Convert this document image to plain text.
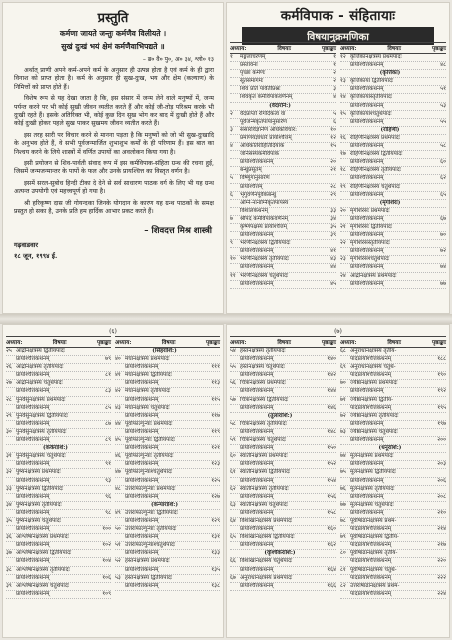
प्रस्तुति
कर्मणा जायते जन्तुः कर्मणैव विलीयते ।
सुखं दुःखं भयं क्षेमं कर्मणैवाभिपद्यते ॥
– ब्र० वै० पु०, अ० ३४, श्लो० १३

अर्थात् प्राणी अपने कर्म-अपने कर्म के अनुसार ही उत्पन्न होता है एवं कर्म के ही द्वारा विनाश को प्राप्त होता है। कर्म के अनुसार ही सुख-दुःख, भय और क्षेम (कल्याण) के निमित्तों को प्राप्त होते हैं।

विशेष रूप से यह देखा जाता है कि, इस संसार में जन्म लेने वाले मनुष्यों में, जन्म पर्यन्त करने पर भी कोई सुखी जीवन व्यतीत करते हैं और कोई जी-तोड़ परिश्रम करके भी दुःखी रहते हैं। इसके अतिरिक्त भी, कोई कुछ दिन सुख भोग कर बाद में दुःखी होते हैं और कोई दुःखी होकर पहले सुख पाकर सुखमय जीवन व्यतीत करते हैं।

इस तरह सारी पर विचार करने से मानना पड़ता है कि मनुष्यों को जो भी सुख-दुःखादि के अनुभव होते हैं, वे सभी पूर्वजन्मार्जित शुभाशुभ कर्मों के ही परिणाम हैं। इस बात का निश्चय करने के लिये शास्त्रों में वर्णित उपायों का अवलोकन किया गया है।

इसी प्रयोजन से शिव-पार्वती संवाद रूप में इस कर्मविपाक-संहिता ग्रन्थ की रचना हुई, जिसमें जन्मजन्मान्तर के पापों के फल और उनके प्रायश्चित्त का विस्तृत वर्णन है।

इसमें सरल-सुबोध हिन्दी टीका दे देने से सर्व साधारण पाठक वर्ग के लिए भी यह ग्रन्थ अत्यन्त उपयोगी एवं महत्त्वपूर्ण हो गया है।

श्री हरिकृष्ण दास जी गोयन्दका जिनके योगदान के कारण यह ग्रन्थ पाठकों के समक्ष प्रस्तुत हो सका है, उनके प्रति हम हार्दिक आभार प्रकट करते हैं।

– शिवदत्त मिश्र शास्त्री
गढ़वाडवार
१८ जून, १९९४ ई.
कर्मविपाक - संहितायाः
विषयानुक्रमणिका
अध्याय:	विषयाः	पृष्ठाङ्काः
१	मङ्गलाचरणम्	१
प्रस्तावना	१
पृच्छा कर्मणः	२
सूतसमागमः	२
शिवं प्रति पार्वतीप्रश्नः	३
शिवकृतं कर्मविपाकवर्णनम्	४
(वेदारनि:)
२	वेदप्राप्तो रोगदिकत्वं वा	५
पूर्वजन्मकृतपापानुसारेण	६
३	संसारविज्ञानेण अधिकविचार:	१०
प्रमाणयज्ञाधारे प्रायश्चित्तम्	१२
४	अधिकतिरोहितिदियाक	१५
जनिसस्यकर्मविपाक
प्रायश्चित्तकथनम्	२०
बन्धुप्रसूतम्	२१
५	विष्णुगानुसारेण
प्रायश्चित्तम्	२८
६	भृगुवर्णनपूर्वकंबन्धु	२९
अग्नि-नानाग्निकृतपापस्य
विशालकथनम्	३३
७	श्रीपदं कर्मविपाकवर्णनम्	३४
कृष्णपक्षस्य प्रायश्चित्तम्	३५
प्रायश्चित्तकथनम्	३९
९	भरणीनक्षत्रस्य द्वितीयपादः
प्रायश्चित्तकथनम्	४१
१० भरणीनक्षत्रस्य तृतीयपादः	४३
प्रायश्चित्तकथनम्	४४
११ भरणीनक्षत्रस्य चतुर्थपादः
प्रायश्चित्तकथनम्	४५
अध्याय:	विषयाः	पृष्ठाङ्काः
१२ कृत्तिकानक्षत्रस्य प्रथमपादः
प्रायश्चित्तकथनम्	४८
(कृत्तिका)
१३ कृत्तिकाया द्वितीयपादः
प्रायश्चित्तकथनम्	५१
१४ कृत्तिकायास्तृतीयपादः
प्रायश्चित्तकथनम्	५३
१५ कृत्तिकायाश्चतुर्थपादः
प्रायश्चित्तकथनम्	५५
(रोहिणी)
१६ रोहिणीनक्षत्रस्य प्रथमपादः
प्रायश्चित्तकथनम्	५८
१७ रोहिणीनक्षत्रस्य द्वितीयपादः
प्रायश्चित्तकथनम्	६०
१८ रोहिणीनक्षत्रस्य तृतीयपादः
प्रायश्चित्तकथनम्	६२
१९ रोहिणीनक्षत्रस्य चतुर्थपादः
प्रायश्चित्तकथनम्	६५
(मृगशिरा)
२० मृगशिरसः प्रथमपादः
प्रायश्चित्तकथनम्	६७
२१ मृगशिरसः द्वितीयपादः
प्रायश्चित्तकथनम्	७०
२२ मृगशिरसस्तृतीयपादः
प्रायश्चित्तकथनम्	७२
२३ मृगशिरसश्चतुर्थपादः
प्रायश्चित्तकथनम्	७४
२४ आर्द्रानक्षत्रस्य प्रथमपादः
प्रायश्चित्तकथनम्	७७
(६)
अध्याय:	विषयाः	पृष्ठाङ्काः
२५ आर्द्रानक्षत्रस्य द्वितीयपादः
प्रायश्चित्तकथनम्	७९
२६ आर्द्रानक्षत्रस्य तृतीयपादः
प्रायश्चित्तकथनम्	८१
२७ आर्द्रानक्षत्रस्य चतुर्थपादः
प्रायश्चित्तकथनम्	८३
२८ पुनर्वसुनक्षत्रस्य प्रथमपादः
प्रायश्चित्तकथनम्	८५
२९ पुनर्वसुनक्षत्रस्य द्वितीयपादः
प्रायश्चित्तकथनम्	८७
३० पुनर्वसुनक्षत्रस्य तृतीयपादः
प्रायश्चित्तकथनम्	८९
(कर्कराशि:)
३१ पुनर्वसुनक्षत्रस्य चतुर्थपादः
प्रायश्चित्तकथनम्	९१
३२ पुष्यनक्षत्रस्य प्रथमपादः
प्रायश्चित्तकथनम्	९३
३३ पुष्यनक्षत्रस्य द्वितीयपादः
प्रायश्चित्तकथनम्	९६
३४ पुष्यनक्षत्रस्य तृतीयपादः
प्रायश्चित्तकथनम्	९८
३५ पुष्यनक्षत्रस्य चतुर्थपादः
प्रायश्चित्तकथनम्	१००
३६ आश्लेषानक्षत्रस्य प्रथमपादः
प्रायश्चित्तकथनम्	१०२
३७ आश्लेषानक्षत्रस्य द्वितीयपादः
प्रायश्चित्तकथनम्	१०४
३८ आश्लेषानक्षत्रस्य तृतीयपादः
प्रायश्चित्तकथनम्	१०६
३९ आश्लेषानक्षत्रस्य चतुर्थपादः
प्रायश्चित्तकथनम्	१०९
अध्याय:	विषयाः	पृष्ठाङ्काः
(सिंहराशि:)
४० मघानक्षत्रस्य प्रथमपादः
प्रायश्चित्तकथनम्	१११
४१ मघानक्षत्रस्य द्वितीयपादः
प्रायश्चित्तकथनम्	११३
४२ मघानक्षत्रस्य तृतीयपादः
प्रायश्चित्तकथनम्	११५
४३ मघानक्षत्रस्य चतुर्थपादः
प्रायश्चित्तकथनम्	११७
४४ पूर्वाफाल्गुन्याः प्रथमपादः
प्रायश्चित्तकथनम्	११९
४५ पूर्वाफाल्गुन्याः द्वितीयपादः
प्रायश्चित्तकथनम्	१२१
४६ पूर्वाफाल्गुन्याः तृतीयपादः
प्रायश्चित्तकथनम्	१२३
४७ पूर्वाफाल्गुन्याश्चतुर्थपादः
प्रायश्चित्तकथनम्	१२५
४८ उत्तराफाल्गुन्याः प्रथमपादः
प्रायश्चित्तकथनम्	१२७
(कन्याराशि:)
४९ उत्तराफाल्गुन्याः द्वितीयपादः
प्रायश्चित्तकथनम्	१२९
५० उत्तराफाल्गुन्याः तृतीयपादः
प्रायश्चित्तकथनम्	१३१
५१ उत्तराफाल्गुन्याश्चतुर्थपादः
प्रायश्चित्तकथनम्	१३३
५२ हस्तनक्षत्रस्य प्रथमपादः
प्रायश्चित्तकथनम्	१३५
५३ हस्तनक्षत्रस्य द्वितीयपादः
प्रायश्चित्तकथनम्	१३८
(७)
अध्याय:	विषयाः	पृष्ठाङ्काः
५४ हस्तनक्षत्रस्य तृतीयपादः
प्रायश्चित्तकथनम्	१४०
५५ हस्तनक्षत्रस्य चतुर्थपादः
प्रायश्चित्तकथनम्	१४२
५६ चित्रानक्षत्रस्य प्रथमपादः
प्रायश्चित्तकथनम्	१४४
५७ चित्रानक्षत्रस्य द्वितीयपादः
प्रायश्चित्तकथनम्	१४६
(तुलाराशि:)
५८ चित्रानक्षत्रस्य तृतीयपादः
प्रायश्चित्तकथनम्	१४८
५९ चित्रानक्षत्रस्य चतुर्थपादः
प्रायश्चित्तकथनम्	१५०
६० स्वातीनक्षत्रस्य प्रथमपादः
प्रायश्चित्तकथनम्	१५२
६१ स्वातीनक्षत्रस्य द्वितीयपादः
प्रायश्चित्तकथनम्	१५४
६२ स्वातीनक्षत्रस्य तृतीयपादः
प्रायश्चित्तकथनम्	१५६
६३ स्वातीनक्षत्रस्य चतुर्थपादः
प्रायश्चित्तकथनम्	१५८
६४ विशाखानक्षत्रस्य प्रथमपादः
प्रायश्चित्तकथनम्	१६०
६५ विशाखानक्षत्रस्य द्वितीयपादः
प्रायश्चित्तकथनम्	१६२
(वृश्चिकराशि:)
६६ विशाखानक्षत्रस्य चतुर्थपादः
प्रायश्चित्तकथनम्	१६४
६७ अनुराधानक्षत्रस्य प्रथमपादः
प्रायश्चित्तकथनम्	१६६
अध्याय:	विषयाः	पृष्ठाङ्काः
६८ अनुराधानक्षत्रस्य तृतीय-
पादप्रायश्चित्तकथनम्	१८८
६९ अनुराधानक्षत्रस्य चतुर्थ-
पादप्रायश्चित्तकथनम्	१९०
७० ज्येष्ठानक्षत्रस्य प्रथमपादः
प्रायश्चित्तकथनम्	१९२
७१ ज्येष्ठानक्षत्रस्य द्वितीय-
पादप्रायश्चित्तकथनम्	१९५
७२ ज्येष्ठानक्षत्रस्य तृतीयपादः
प्रायश्चित्तकथनम्	१९७
७३ ज्येष्ठानक्षत्रस्य चतुर्थपादः
प्रायश्चित्तकथनम्	२००
(धनूराशि:)
७४ मूलनक्षत्रस्य प्रथमपादः
प्रायश्चित्तकथनम्	२०३
७५ मूलनक्षत्रस्य द्वितीयपादः
प्रायश्चित्तकथनम्	२०६
७६ मूलनक्षत्रस्य तृतीयपादः
प्रायश्चित्तकथनम्	२०८
७७ मूलनक्षत्रस्य चतुर्थपादः
प्रायश्चित्तकथनम्	२१०
७८ पूर्वाषाढानक्षत्रस्य प्रथम-
पादप्रायश्चित्तकथनम्	२१४
७९ पूर्वाषाढानक्षत्रस्य द्वितीय-
पादप्रायश्चित्तकथनम्	२१७
८० पूर्वाषाढानक्षत्रस्य तृतीय-
पादप्रायश्चित्तकथनम्	२२०
८१ पूर्वाषाढानक्षत्रस्य चतुर्थ-
पादप्रायश्चित्तकथनम्	२२२
८२ उत्तराषाढानक्षत्रस्य प्रथम-
पादप्रायश्चित्तकथनम्	२२४
